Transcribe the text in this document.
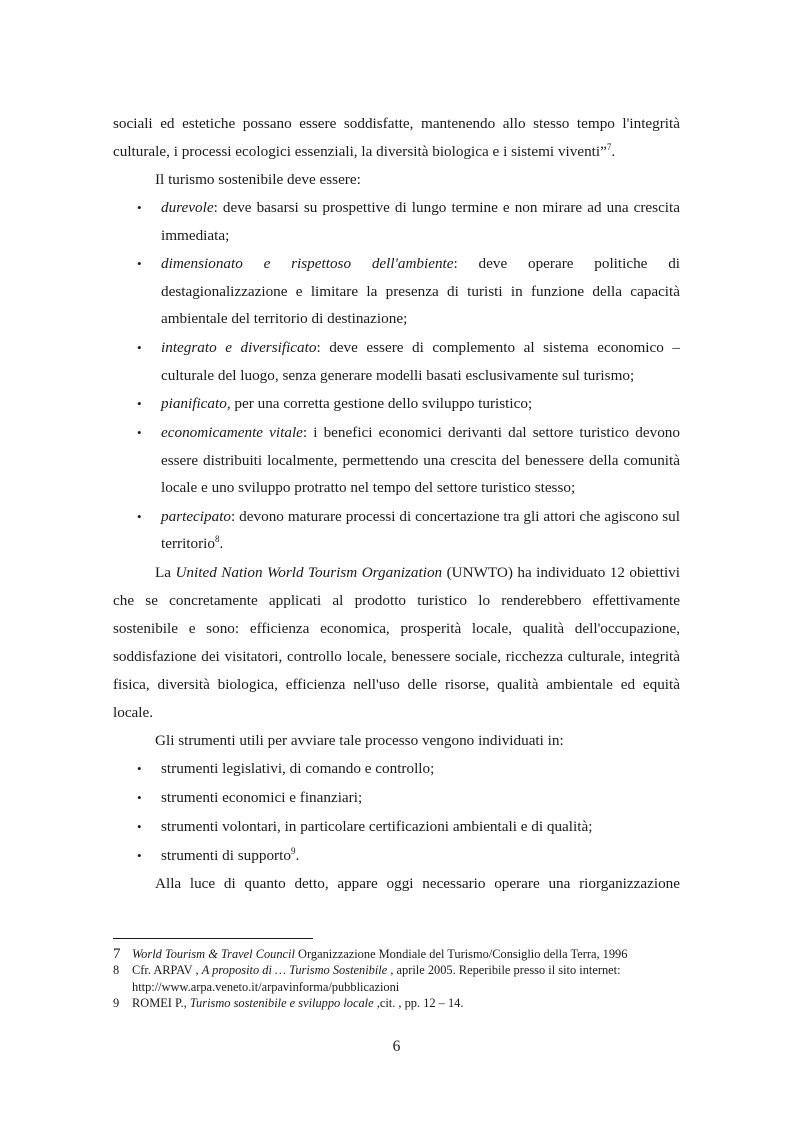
sociali ed estetiche possano essere soddisfatte, mantenendo allo stesso tempo l'integrità culturale, i processi ecologici essenziali, la diversità biologica e i sistemi viventi”$^7$.

Il turismo sostenibile deve essere:

•
durevole: deve basarsi su prospettive di lungo termine e non mirare ad una crescita immediata;
•
dimensionato e rispettoso dell'ambiente: deve operare politiche di destagionalizzazione e limitare la presenza di turisti in funzione della capacità ambientale del territorio di destinazione;
•
integrato e diversificato: deve essere di complemento al sistema economico – culturale del luogo, senza generare modelli basati esclusivamente sul turismo;
•
pianificato, per una corretta gestione dello sviluppo turistico;
•
economicamente vitale: i benefici economici derivanti dal settore turistico devono essere distribuiti localmente, permettendo una crescita del benessere della comunità locale e uno sviluppo protratto nel tempo del settore turistico stesso;
•
partecipato: devono maturare processi di concertazione tra gli attori che agiscono sul territorio$^8$.

La United Nation World Tourism Organization (UNWTO) ha individuato 12 obiettivi che se concretamente applicati al prodotto turistico lo renderebbero effettivamente sostenibile e sono: efficienza economica, prosperità locale, qualità dell'occupazione, soddisfazione dei visitatori, controllo locale, benessere sociale, ricchezza culturale, integrità fisica, diversità biologica, efficienza nell'uso delle risorse, qualità ambientale ed equità locale.

Gli strumenti utili per avviare tale processo vengono individuati in:

•
strumenti legislativi, di comando e controllo;
•
strumenti economici e finanziari;
•
strumenti volontari, in particolare certificazioni ambientali e di qualità;
•
strumenti di supporto$^9$.

Alla luce di quanto detto, appare oggi necessario operare una riorganizzazione

7 World Tourism & Travel Council Organizzazione Mondiale del Turismo/Consiglio della Terra, 1996
8	Cfr. ARPAV , A proposito di … Turismo Sostenibile , aprile 2005. Reperibile presso il sito internet: http://www.arpa.veneto.it/arpavinforma/pubblicazioni
9	ROMEI P., Turismo sostenibile e sviluppo locale ,cit. , pp. 12 – 14.
6
